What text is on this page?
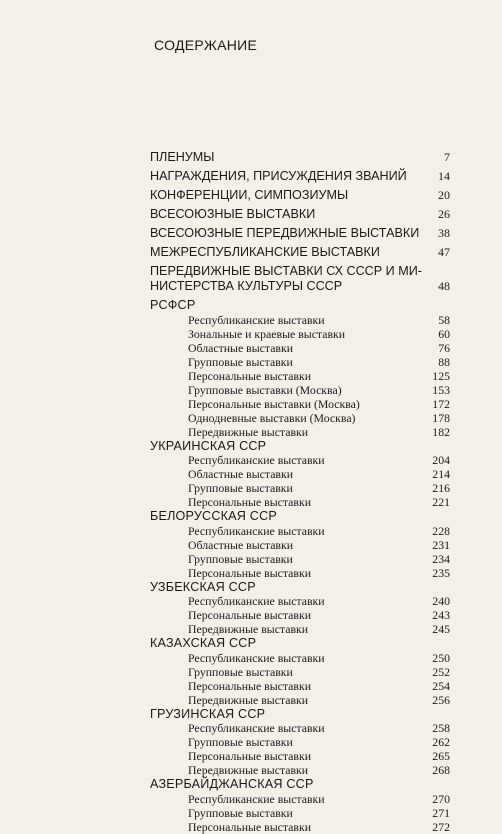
СОДЕРЖАНИЕ
ПЛЕНУМЫ	7
НАГРАЖДЕНИЯ, ПРИСУЖДЕНИЯ ЗВАНИЙ	14
КОНФЕРЕНЦИИ, СИМПОЗИУМЫ	20
ВСЕСОЮЗНЫЕ ВЫСТАВКИ	26
ВСЕСОЮЗНЫЕ ПЕРЕДВИЖНЫЕ ВЫСТАВКИ 38
МЕЖРЕСПУБЛИКАНСКИЕ ВЫСТАВКИ	47
ПЕРЕДВИЖНЫЕ ВЫСТАВКИ СХ СССР И МИ-
НИСТЕРСТВА КУЛЬТУРЫ СССР	48
РСФСР
Республиканские выставки	58
Зональные и краевые выставки	60
Областные выставки	76
Групповые выставки	88
Персональные выставки	125
Групповые выставки (Москва)	153
Персональные выставки (Москва)	172
Однодневные выставки (Москва)	178
Передвижные выставки	182
УКРАИНСКАЯ ССР
Республиканские выставки	204
Областные выставки	214
Групповые выставки	216
Персональные выставки	221
БЕЛОРУССКАЯ ССР
Республиканские выставки	228
Областные выставки	231
Групповые выставки	234
Персональные выставки	235
УЗБЕКСКАЯ ССР
Республиканские выставки	240
Персональные выставки	243
Передвижные выставки	245
КАЗАХСКАЯ ССР
Республиканские выставки	250
Групповые выставки	252
Персональные выставки	254
Передвижные выставки	256
ГРУЗИНСКАЯ ССР
Республиканские выставки	258
Групповые выставки	262
Персональные выставки	265
Передвижные выставки	268
АЗЕРБАЙДЖАНСКАЯ ССР
Республиканские выставки	270
Групповые выставки	271
Персональные выставки	272
